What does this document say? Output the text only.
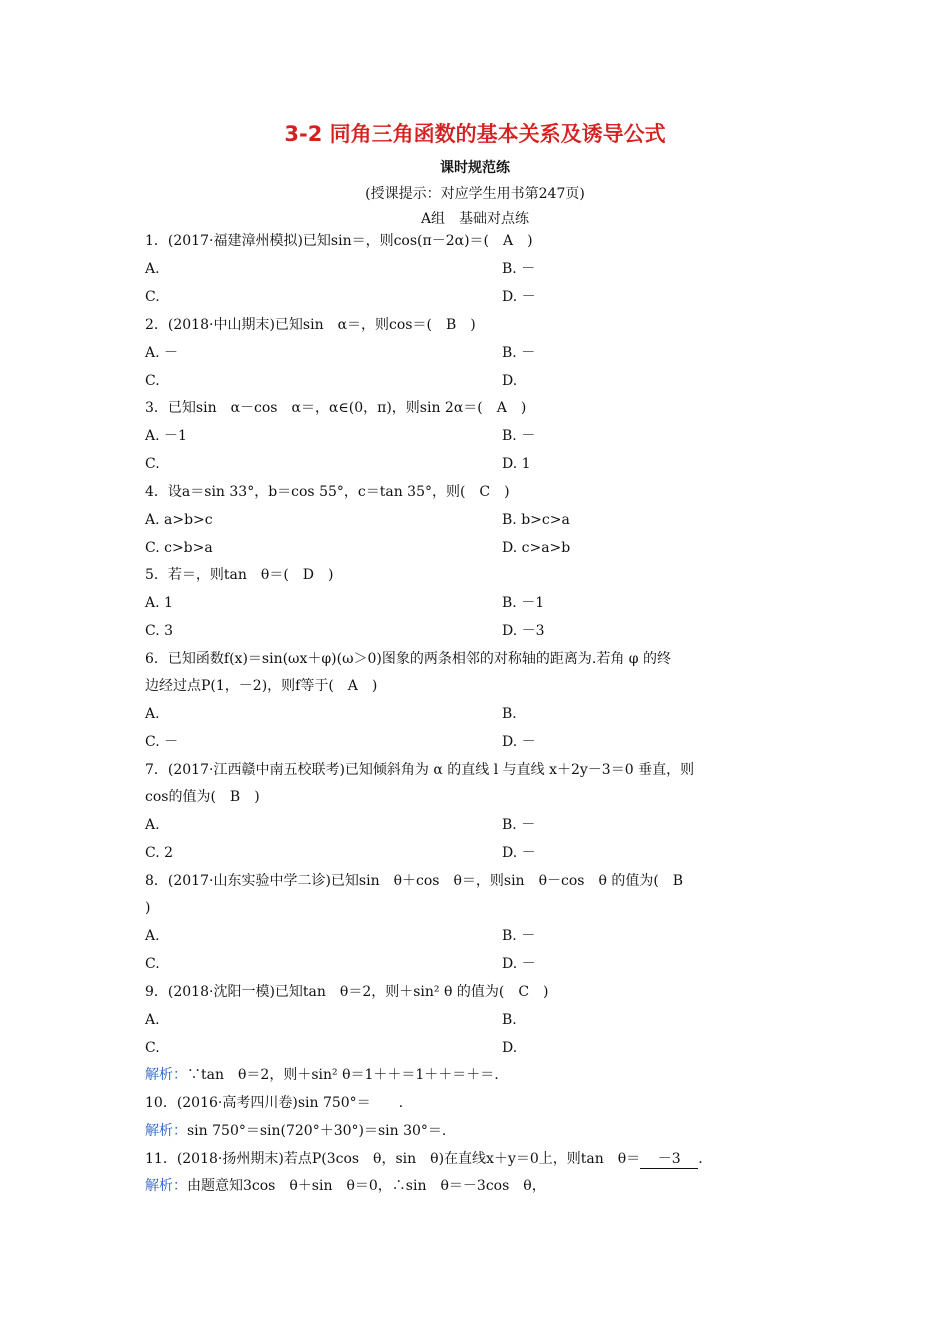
3-2 同角三角函数的基本关系及诱导公式
课时规范练
(授课提示：对应学生用书第247页)
A组　基础对点练
1．(2017·福建漳州模拟)已知sin＝，则cos(π－2α)＝(　A　)
A.	B. －
C.	D. －
2．(2018·中山期末)已知sin　α＝，则cos＝(　B　)
A. －	B. －
C.	D.
3．已知sin　α－cos　α＝，α∈(0，π)，则sin 2α＝(　A　)
A. －1	B. －
C.	D. 1
4．设a＝sin 33°，b＝cos 55°，c＝tan 35°，则(　C　)
A. a>b>c	B. b>c>a
C. c>b>a	D. c>a>b
5．若＝，则tan　θ＝(　D　)
A. 1	B. －1
C. 3	D. －3
6．已知函数f(x)＝sin(ωx＋φ)(ω＞0)图象的两条相邻的对称轴的距离为.若角 φ 的终
边经过点P(1，－2)，则f等于(　A　)
A.	B.
C. －	D. －
7．(2017·江西赣中南五校联考)已知倾斜角为 α 的直线 l 与直线 x＋2y－3＝0 垂直，则
cos的值为(　B　)
A.	B. －
C. 2	D. －
8．(2017·山东实验中学二诊)已知sin　θ＋cos　θ＝，则sin　θ－cos　θ 的值为(　B
)
A.	B. －
C.	D. －
9．(2018·沈阳一模)已知tan　θ＝2，则＋sin² θ 的值为(　C　)
A.	B.
C.	D.
解析：∵tan　θ＝2，则＋sin² θ＝1＋＋＝1＋＋＝＋＝.
10．(2016·高考四川卷)sin 750°＝　　.
解析：sin 750°＝sin(720°＋30°)＝sin 30°＝.
11．(2018·扬州期末)若点P(3cos　θ，sin　θ)在直线x＋y＝0上，则tan　θ＝ －3 .
解析：由题意知3cos　θ＋sin　θ＝0，∴sin　θ＝－3cos　θ，
